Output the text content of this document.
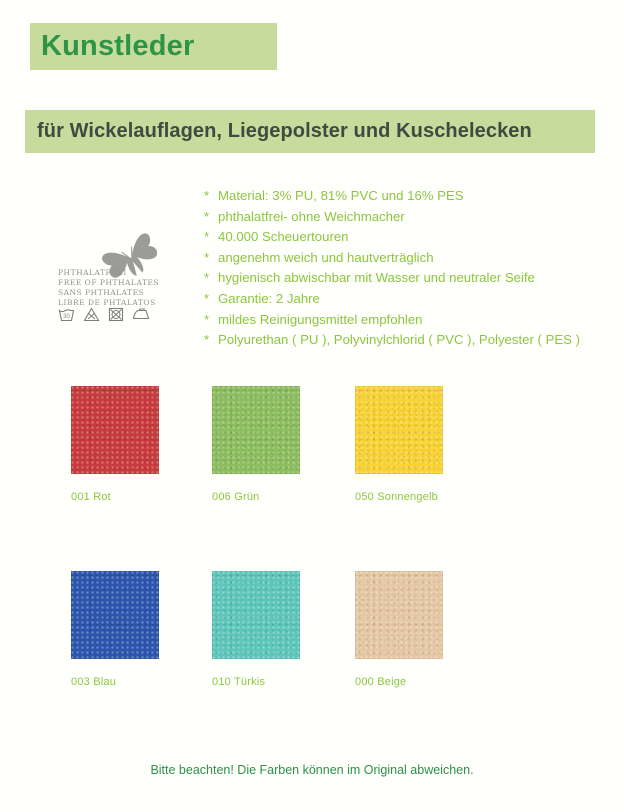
Kunstleder
für Wickelauflagen, Liegepolster und Kuschelecken
PHTHALATFREI
FREE OF PHTHALATES
SANS PHTHALATES
LIBRE DE PHTALATOS
30
* Material: 3% PU, 81% PVC und 16% PES
* phthalatfrei- ohne Weichmacher
* 40.000 Scheuertouren
* angenehm weich und hautverträglich
* hygienisch abwischbar mit Wasser und neutraler Seife
* Garantie: 2 Jahre
* mildes Reinigungsmittel empfohlen
* Polyurethan ( PU ), Polyvinylchlorid ( PVC ), Polyester ( PES )
001 Rot	006 Grün	050 Sonnengelb
003 Blau	010 Türkis	000 Beige
Bitte beachten! Die Farben können im Original abweichen.
